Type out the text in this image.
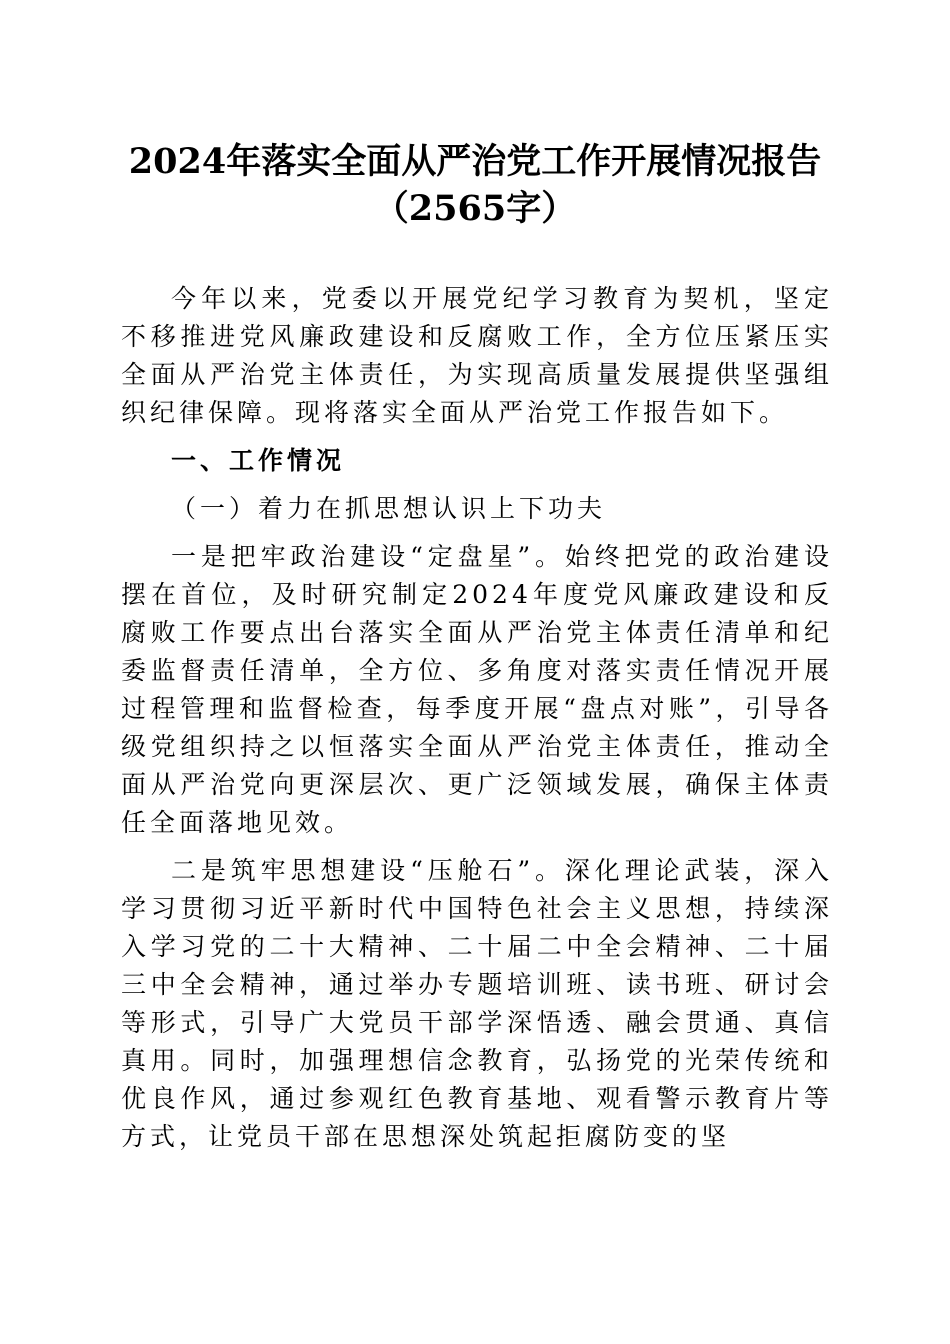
2024年落实全面从严治党工作开展情况报告
（2565字）

今年以来，党委以开展党纪学习教育为契机，坚定不移推进党风廉政建设和反腐败工作，全方位压紧压实全面从严治党主体责任，为实现高质量发展提供坚强组织纪律保障。现将落实全面从严治党工作报告如下。

一、工作情况

（一）着力在抓思想认识上下功夫

一是把牢政治建设“定盘星”。始终把党的政治建设摆在首位，及时研究制定2024年度党风廉政建设和反腐败工作要点出台落实全面从严治党主体责任清单和纪委监督责任清单，全方位、多角度对落实责任情况开展过程管理和监督检查，每季度开展“盘点对账”，引导各级党组织持之以恒落实全面从严治党主体责任，推动全面从严治党向更深层次、更广泛领域发展，确保主体责任全面落地见效。

二是筑牢思想建设“压舱石”。深化理论武装，深入学习贯彻习近平新时代中国特色社会主义思想，持续深入学习党的二十大精神、二十届二中全会精神、二十届三中全会精神，通过举办专题培训班、读书班、研讨会等形式，引导广大党员干部学深悟透、融会贯通、真信真用。同时，加强理想信念教育，弘扬党的光荣传统和优良作风，通过参观红色教育基地、观看警示教育片等方式，让党员干部在思想深处筑起拒腐防变的坚
